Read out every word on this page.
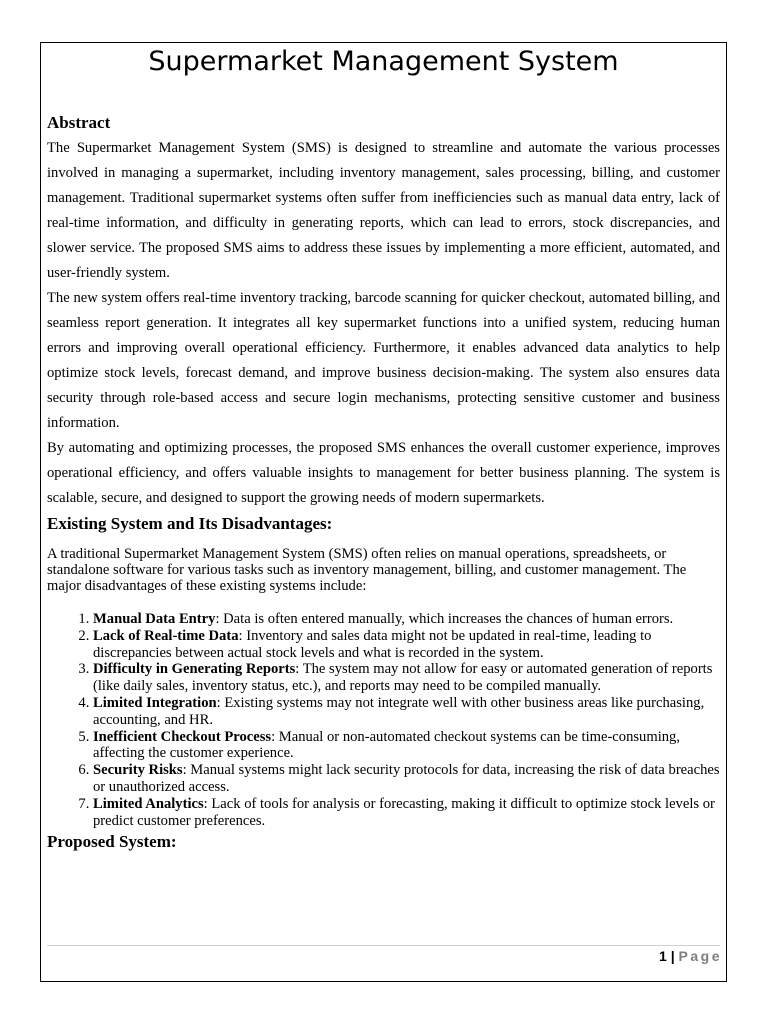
Supermarket Management System
Abstract

The Supermarket Management System (SMS) is designed to streamline and automate the various processes involved in managing a supermarket, including inventory management, sales processing, billing, and customer management. Traditional supermarket systems often suffer from inefficiencies such as manual data entry, lack of real-time information, and difficulty in generating reports, which can lead to errors, stock discrepancies, and slower service. The proposed SMS aims to address these issues by implementing a more efficient, automated, and user-friendly system.

The new system offers real-time inventory tracking, barcode scanning for quicker checkout, automated billing, and seamless report generation. It integrates all key supermarket functions into a unified system, reducing human errors and improving overall operational efficiency. Furthermore, it enables advanced data analytics to help optimize stock levels, forecast demand, and improve business decision-making. The system also ensures data security through role-based access and secure login mechanisms, protecting sensitive customer and business information.

By automating and optimizing processes, the proposed SMS enhances the overall customer experience, improves operational efficiency, and offers valuable insights to management for better business planning. The system is scalable, secure, and designed to support the growing needs of modern supermarkets.

Existing System and Its Disadvantages:

A traditional Supermarket Management System (SMS) often relies on manual operations, spreadsheets, or standalone software for various tasks such as inventory management, billing, and customer management. The major disadvantages of these existing systems include:

1. Manual Data Entry: Data is often entered manually, which increases the chances of human errors.
2. Lack of Real-time Data: Inventory and sales data might not be updated in real-time, leading to discrepancies between actual stock levels and what is recorded in the system.
3. Difficulty in Generating Reports: The system may not allow for easy or automated generation of reports (like daily sales, inventory status, etc.), and reports may need to be compiled manually.
4. Limited Integration: Existing systems may not integrate well with other business areas like purchasing, accounting, and HR.
5. Inefficient Checkout Process: Manual or non-automated checkout systems can be time-consuming, affecting the customer experience.
6. Security Risks: Manual systems might lack security protocols for data, increasing the risk of data breaches or unauthorized access.
7. Limited Analytics: Lack of tools for analysis or forecasting, making it difficult to optimize stock levels or predict customer preferences.
Proposed System:
1 | Page
